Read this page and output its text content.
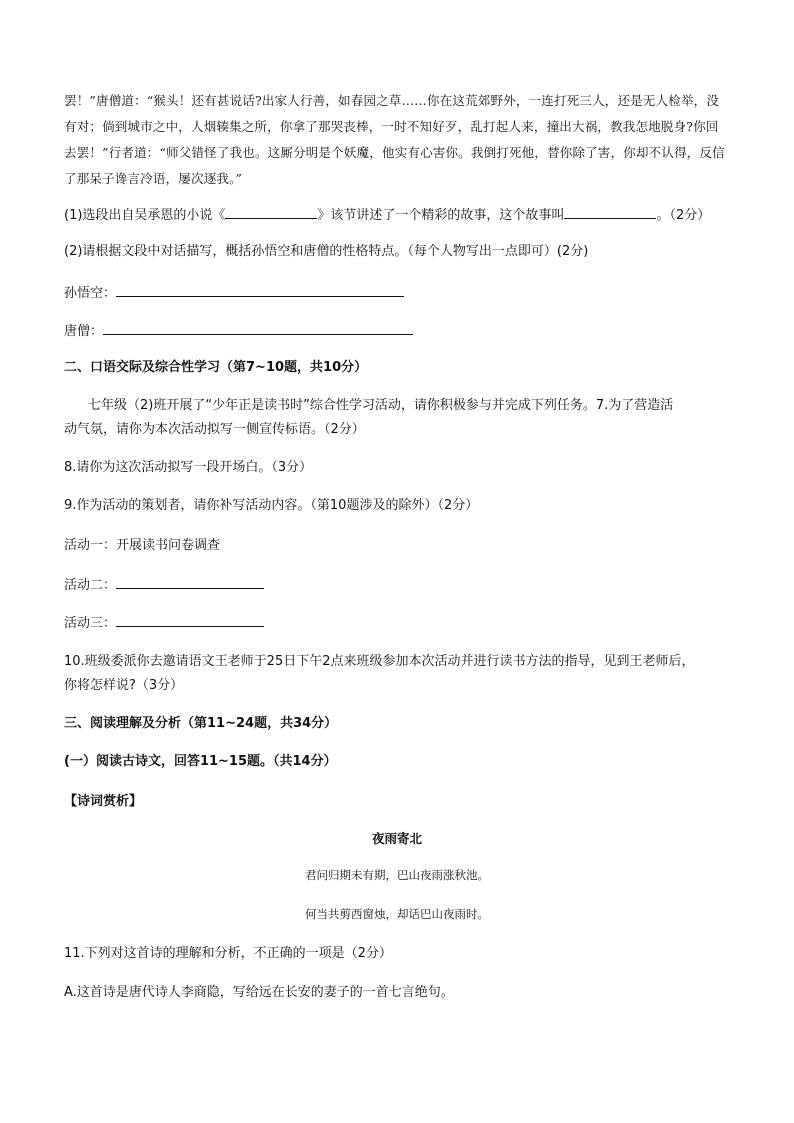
罢！”唐僧道：“猴头！还有甚说话?出家人行善，如春园之草……你在这荒郊野外，一连打死三人，还是无人检举，没有对；倘到城市之中，人烟辏集之所，你拿了那哭丧棒，一时不知好歹，乱打起人来，撞出大祸，教我怎地脱身?你回去罢！”行者道：“师父错怪了我也。这厮分明是个妖魔，他实有心害你。我倒打死他，替你除了害，你却不认得，反信了那呆子谗言冷语，屡次逐我。”

(1)选段出自吴承恩的小说《	》该节讲述了一个精彩的故事，这个故事叫	。（2分）

(2)请根据文段中对话描写，概括孙悟空和唐僧的性格特点。（每个人物写出一点即可）(2分)

孙悟空：

唐僧：

二、口语交际及综合性学习（第7~10题，共10分）

七年级（2)班开展了“少年正是读书时”综合性学习活动，请你积极参与并完成下列任务。7.为了营造活

动气氛，请你为本次活动拟写一侧宣传标语。（2分）

8.请你为这次活动拟写一段开场白。（3分）

9.作为活动的策划者，请你补写活动内容。（第10题涉及的除外）（2分）

活动一：开展读书问卷调查

活动二：

活动三：

10.班级委派你去邀请语文王老师于25日下午2点来班级参加本次活动并进行读书方法的指导，见到王老师后，

你将怎样说?（3分）

三、阅读理解及分析（第11~24题，共34分）

(一）阅读古诗文，回答11~15题。（共14分）

【诗词赏析】

夜雨寄北

君问归期未有期，巴山夜雨涨秋池。

何当共剪西窗烛，却话巴山夜雨时。

11.下列对这首诗的理解和分析，不正确的一项是（2分）

A.这首诗是唐代诗人李商隐，写给远在长安的妻子的一首七言绝句。
